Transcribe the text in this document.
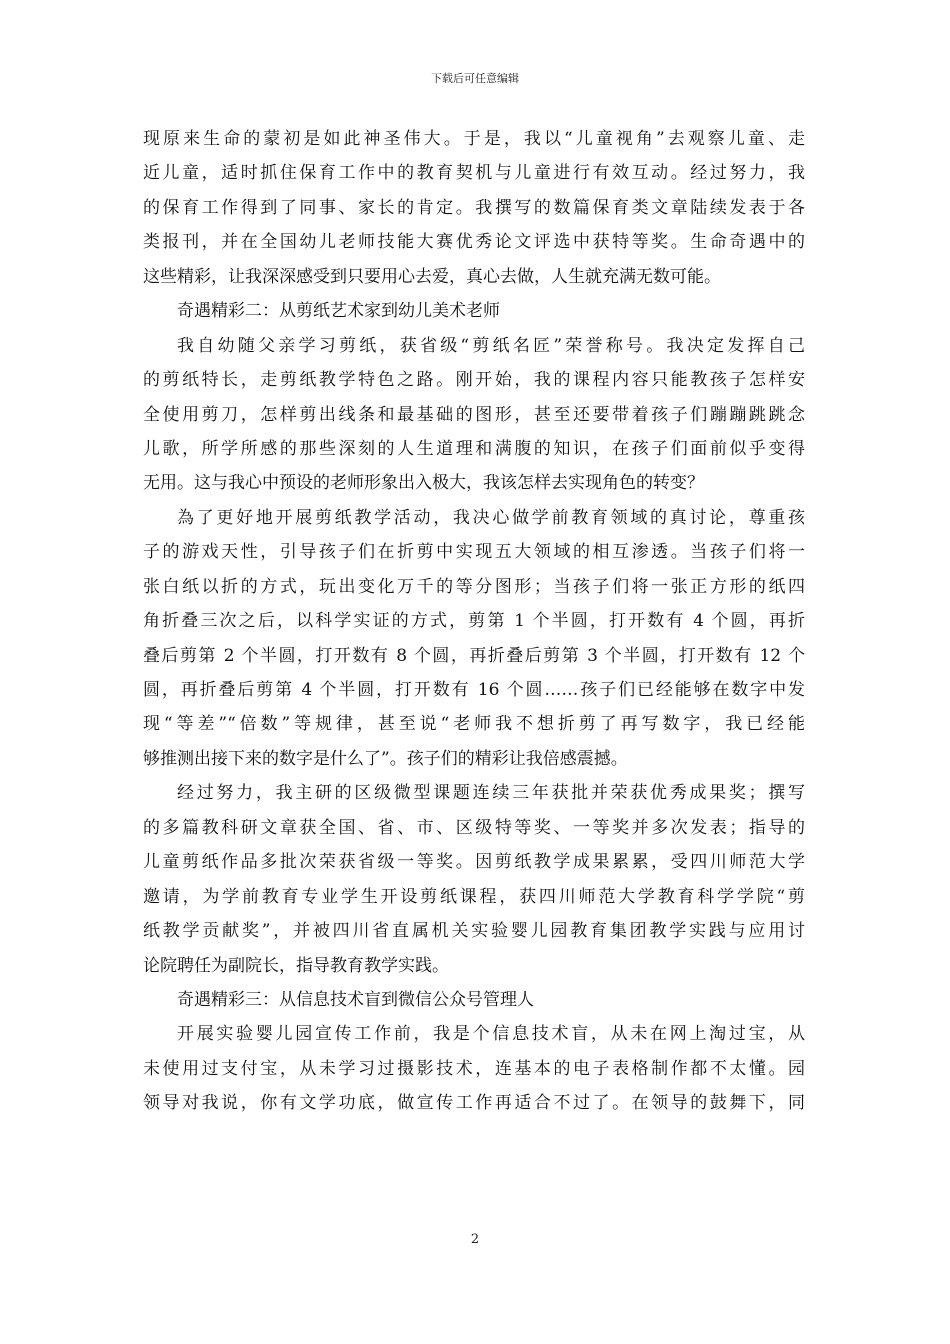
下载后可任意编辑
现原来生命的蒙初是如此神圣伟大。于是，我以“儿童视角”去观察儿童、走
近儿童，适时抓住保育工作中的教育契机与儿童进行有效互动。经过努力，我
的保育工作得到了同事、家长的肯定。我撰写的数篇保育类文章陆续发表于各
类报刊，并在全国幼儿老师技能大赛优秀论文评选中获特等奖。生命奇遇中的
这些精彩，让我深深感受到只要用心去爱，真心去做，人生就充满无数可能。
奇遇精彩二：从剪纸艺术家到幼儿美术老师
我自幼随父亲学习剪纸，获省级“剪纸名匠”荣誉称号。我决定发挥自己
的剪纸特长，走剪纸教学特色之路。刚开始，我的课程内容只能教孩子怎样安
全使用剪刀，怎样剪出线条和最基础的图形，甚至还要带着孩子们蹦蹦跳跳念
儿歌，所学所感的那些深刻的人生道理和满腹的知识，在孩子们面前似乎变得
无用。这与我心中预设的老师形象出入极大，我该怎样去实现角色的转变？
為了更好地开展剪纸教学活动，我决心做学前教育领域的真讨论，尊重孩
子的游戏天性，引导孩子们在折剪中实现五大领域的相互渗透。当孩子们将一
张白纸以折的方式，玩出变化万千的等分图形；当孩子们将一张正方形的纸四
角折叠三次之后，以科学实证的方式，剪第 1 个半圆，打开数有 4 个圆，再折
叠后剪第 2 个半圆，打开数有 8 个圆，再折叠后剪第 3 个半圆，打开数有 12 个
圆，再折叠后剪第 4 个半圆，打开数有 16 个圆……孩子们已经能够在数字中发
现“等差”“倍数”等规律，甚至说“老师我不想折剪了再写数字，我已经能
够推测出接下来的数字是什么了”。孩子们的精彩让我倍感震撼。
经过努力，我主研的区级微型课题连续三年获批并荣获优秀成果奖；撰写
的多篇教科研文章获全国、省、市、区级特等奖、一等奖并多次发表；指导的
儿童剪纸作品多批次荣获省级一等奖。因剪纸教学成果累累，受四川师范大学
邀请，为学前教育专业学生开设剪纸课程，获四川师范大学教育科学学院“剪
纸教学贡献奖”，并被四川省直属机关实验婴儿园教育集团教学实践与应用讨
论院聘任为副院长，指导教育教学实践。
奇遇精彩三：从信息技术盲到微信公众号管理人
开展实验婴儿园宣传工作前，我是个信息技术盲，从未在网上淘过宝，从
未使用过支付宝，从未学习过摄影技术，连基本的电子表格制作都不太懂。园
领导对我说，你有文学功底，做宣传工作再适合不过了。在领导的鼓舞下，同
2
